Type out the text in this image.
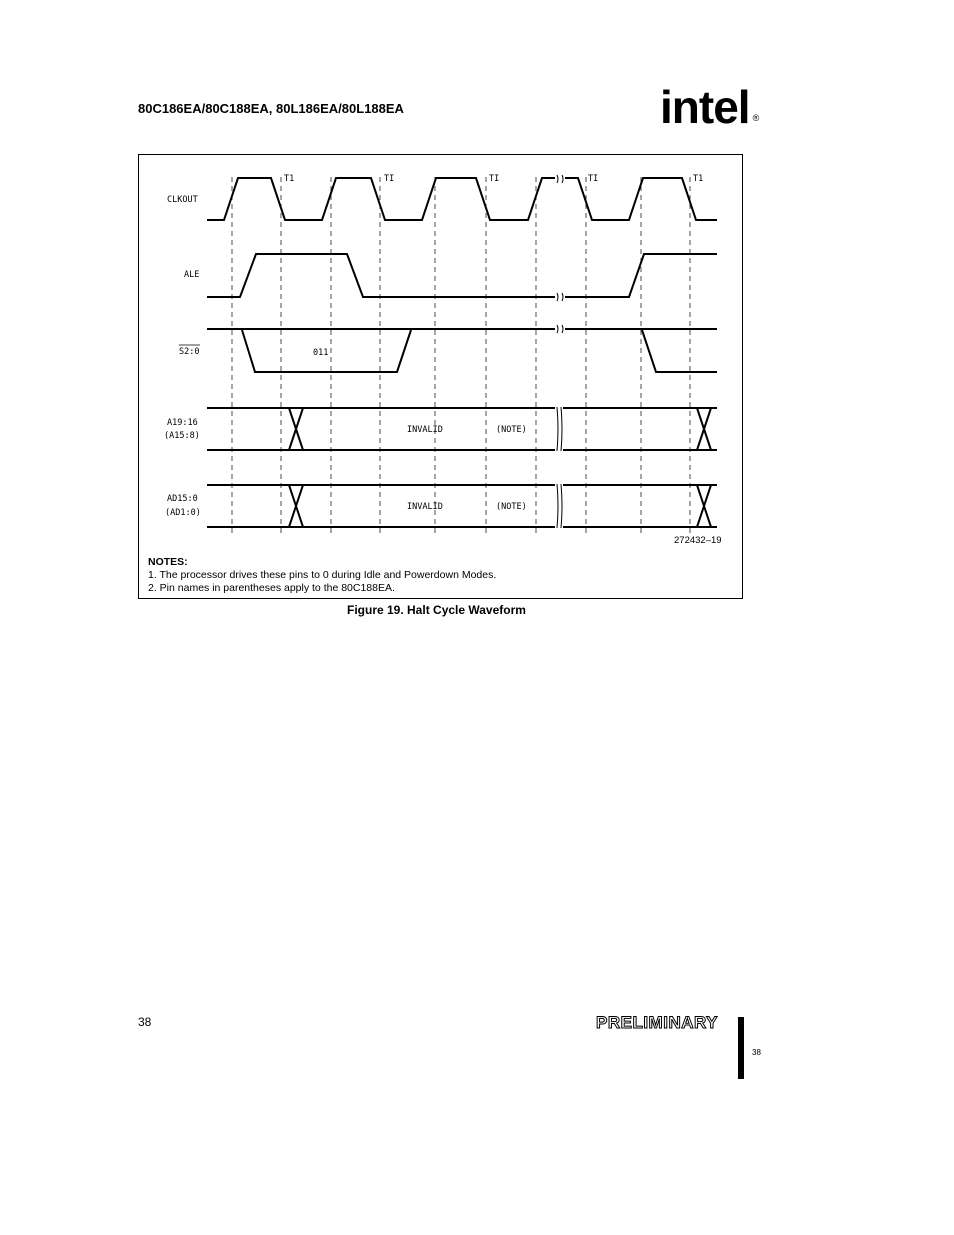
80C186EA/80C188EA, 80L186EA/80L188EA	intel ®
CLKOUT
ALE
S2:0
A19:16
(A15:8)
AD15:0
(AD1:0)
T1	TI	TI	TI	T1
011
INVALID	(NOTE)
INVALID	(NOTE)
272432–19
NOTES:
1. The processor drives these pins to 0 during Idle and Powerdown Modes.
2. Pin names in parentheses apply to the 80C188EA.
Figure 19. Halt Cycle Waveform
38	PRELIMINARY
38
